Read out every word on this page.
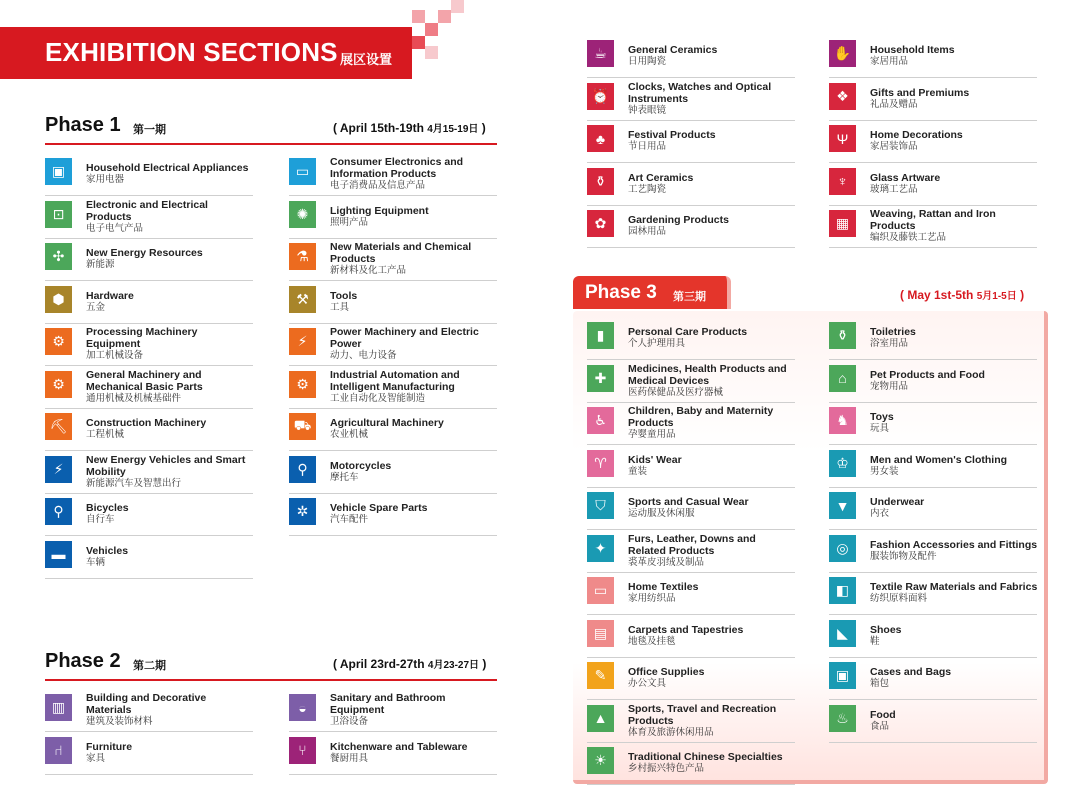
EXHIBITION SECTIONS 展区设置
Phase 1 第一期	( April 15th-19th 4月15-19日 )
▣	Household Electrical Appliances
家用电器
⊡
Electronic and Electrical Products
电子电气产品
✣	New Energy Resources
新能源
⬢	Hardware
五金
⚙
Processing Machinery Equipment
加工机械设备
⚙
General Machinery and Mechanical Basic Parts
通用机械及机械基础件
⛏	Construction Machinery
工程机械
⚡
New Energy Vehicles and Smart Mobility
新能源汽车及智慧出行
⚲	Bicycles
自行车
▬	Vehicles
车辆
▭
Consumer Electronics and Information Products
电子消费品及信息产品
✺	Lighting Equipment
照明产品
⚗
New Materials and Chemical Products
新材料及化工产品
⚒	Tools
工具
⚡
Power Machinery and Electric Power
动力、电力设备
⚙
Industrial Automation and Intelligent Manufacturing
工业自动化及智能制造
⛟	Agricultural Machinery
农业机械
⚲	Motorcycles
摩托车
✲	Vehicle Spare Parts
汽车配件
Phase 2 第二期	( April 23rd-27th 4月23-27日 )
▥
Building and Decorative Materials
建筑及装饰材料
⑁	Furniture
家具
◒
Sanitary and Bathroom Equipment
卫浴设备
⑂	Kitchenware and Tableware
餐厨用具
☕	General Ceramics
日用陶瓷
⏰
Clocks, Watches and Optical Instruments
钟表眼镜
♣	Festival Products
节日用品
⚱	Art Ceramics
工艺陶瓷
✿	Gardening Products
园林用品
✋	Household Items
家居用品
❖	Gifts and Premiums
礼品及赠品
Ψ	Home Decorations
家居装饰品
♆	Glass Artware
玻璃工艺品
▦
Weaving, Rattan and Iron Products
编织及藤铁工艺品
Phase 3 第三期	( May 1st-5th 5月1-5日 )
▮	Personal Care Products
个人护理用具
✚
Medicines, Health Products and Medical Devices
医药保健品及医疗器械
♿
Children, Baby and Maternity Products
孕婴童用品
♈	Kids' Wear
童装
⛉	Sports and Casual Wear
运动服及休闲服
✦
Furs, Leather, Downs and Related Products
裘革皮羽绒及制品
▭	Home Textiles
家用纺织品
▤	Carpets and Tapestries
地毯及挂毯
✎	Office Supplies
办公文具
▲
Sports, Travel and Recreation Products
体育及旅游休闲用品
☀	Traditional Chinese Specialties
乡村振兴特色产品
⚱	Toiletries
浴室用品
⌂	Pet Products and Food
宠物用品
♞	Toys
玩具
♔	Men and Women's Clothing
男女装
▼	Underwear
内衣
◎	Fashion Accessories and Fittings
服装饰物及配件
◧	Textile Raw Materials and Fabrics
纺织原料面料
◣	Shoes
鞋
▣	Cases and Bags
箱包
♨	Food
食品
